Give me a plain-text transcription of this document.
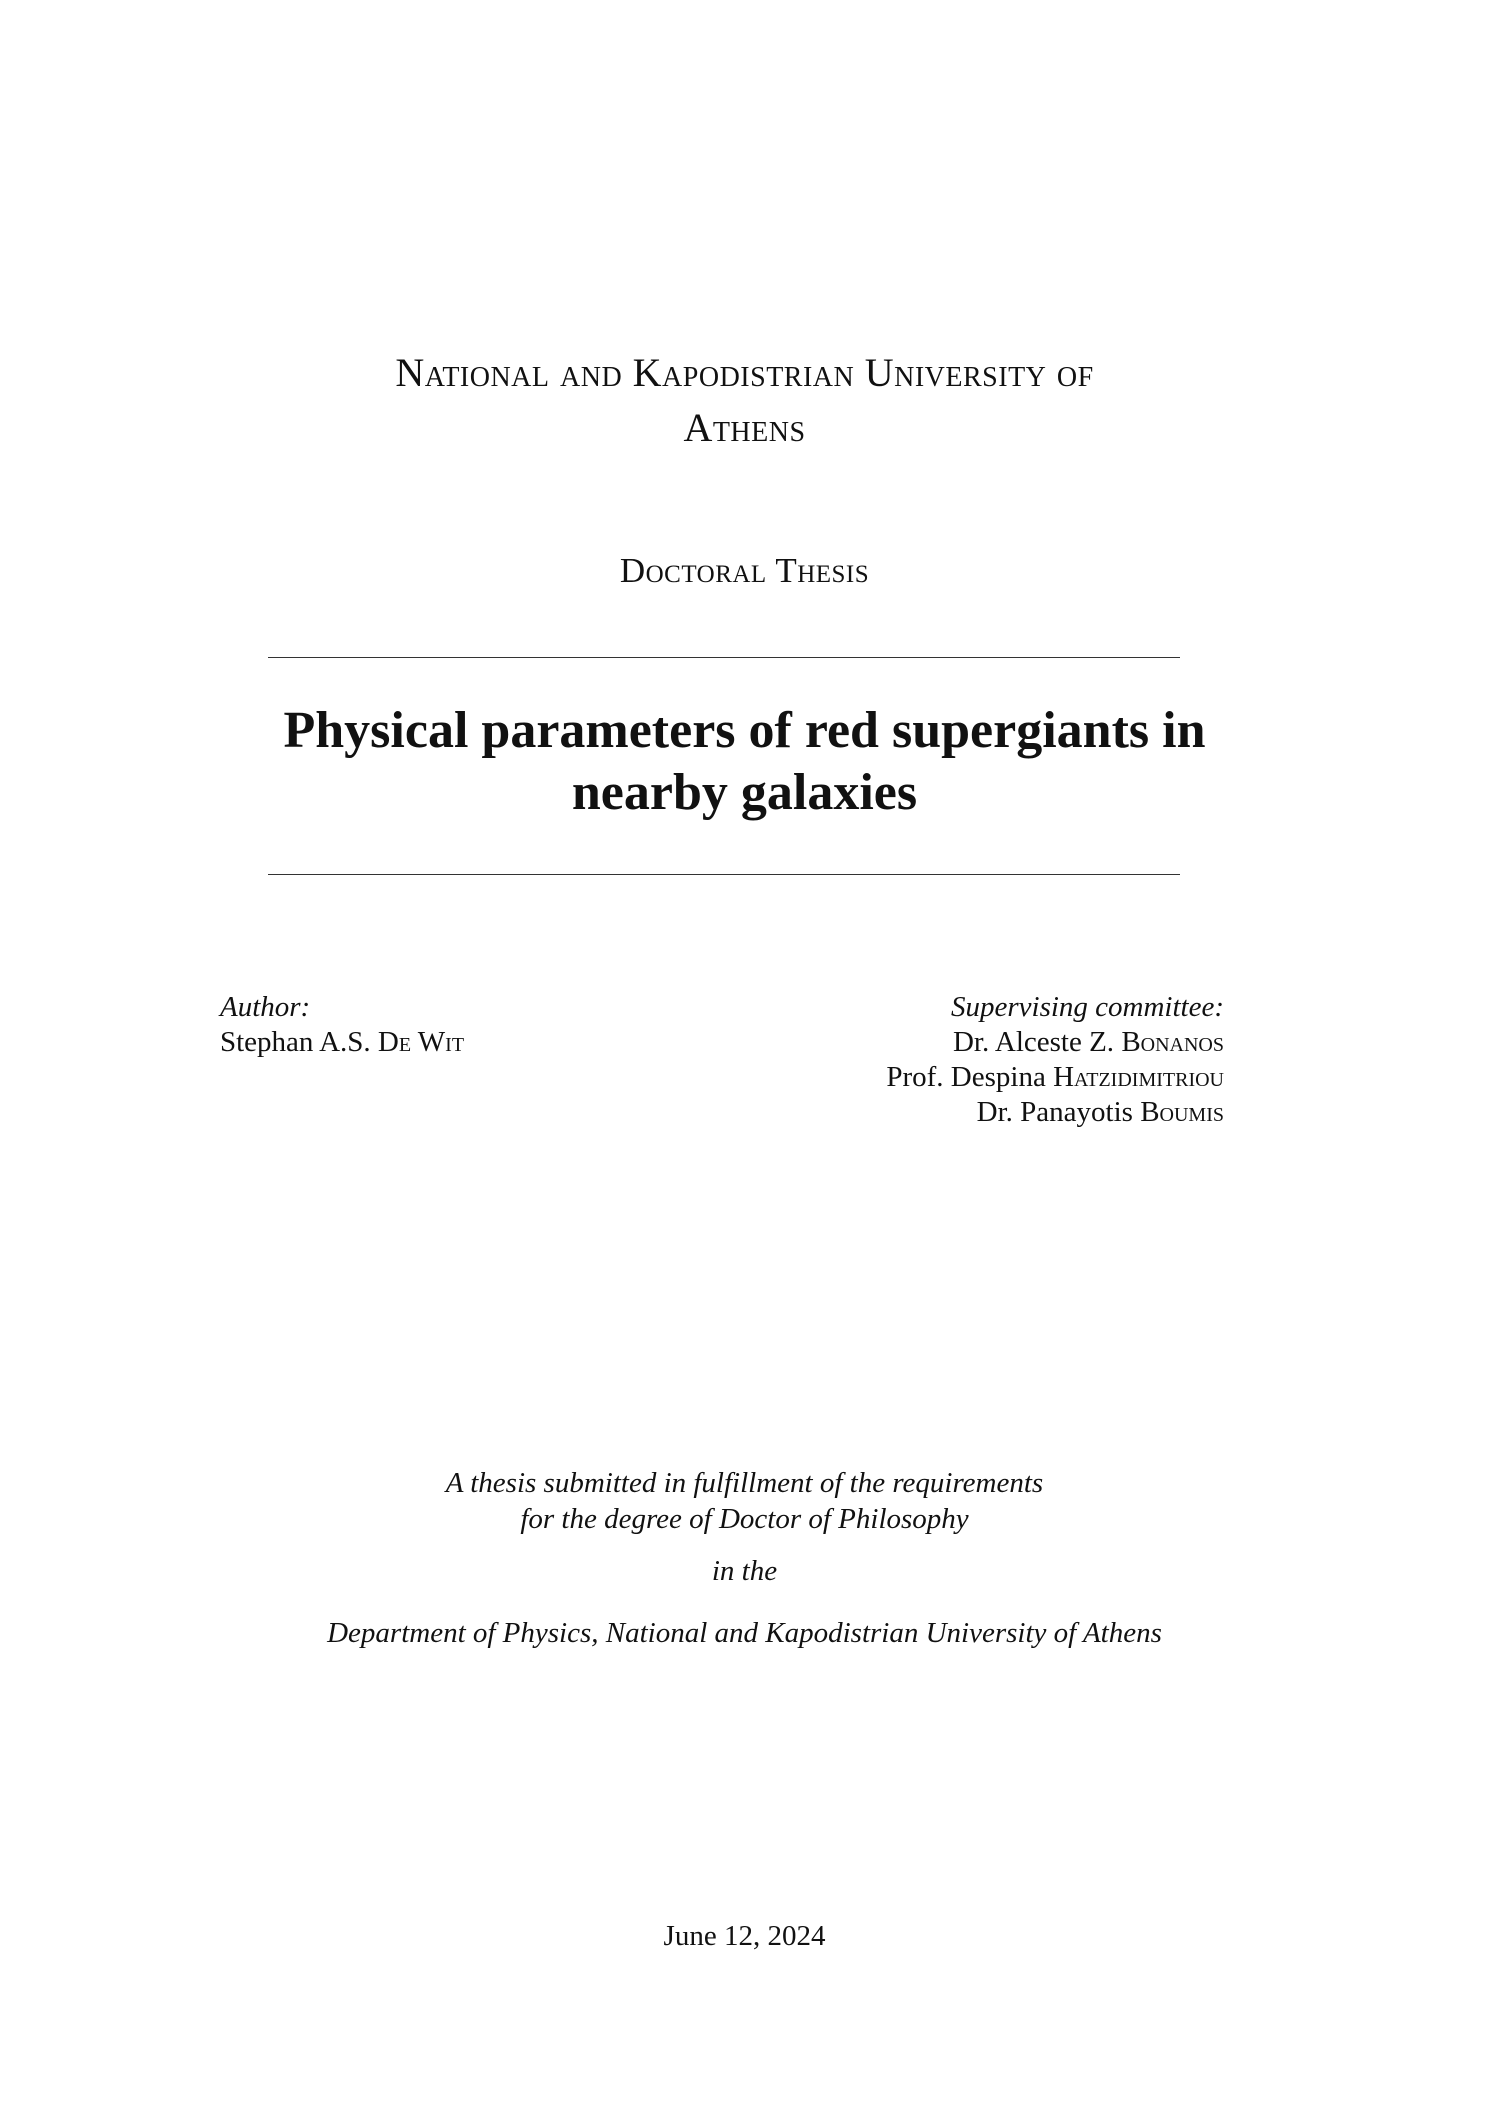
National and Kapodistrian University of
Athens
Doctoral Thesis
Physical parameters of red supergiants in
nearby galaxies
Author:
Stephan A.S. De Wit
Supervising committee:
Dr. Alceste Z. Bonanos
Prof. Despina Hatzidimitriou
Dr. Panayotis Boumis
A thesis submitted in fulfillment of the requirements
for the degree of Doctor of Philosophy
in the
Department of Physics, National and Kapodistrian University of Athens
June 12, 2024
